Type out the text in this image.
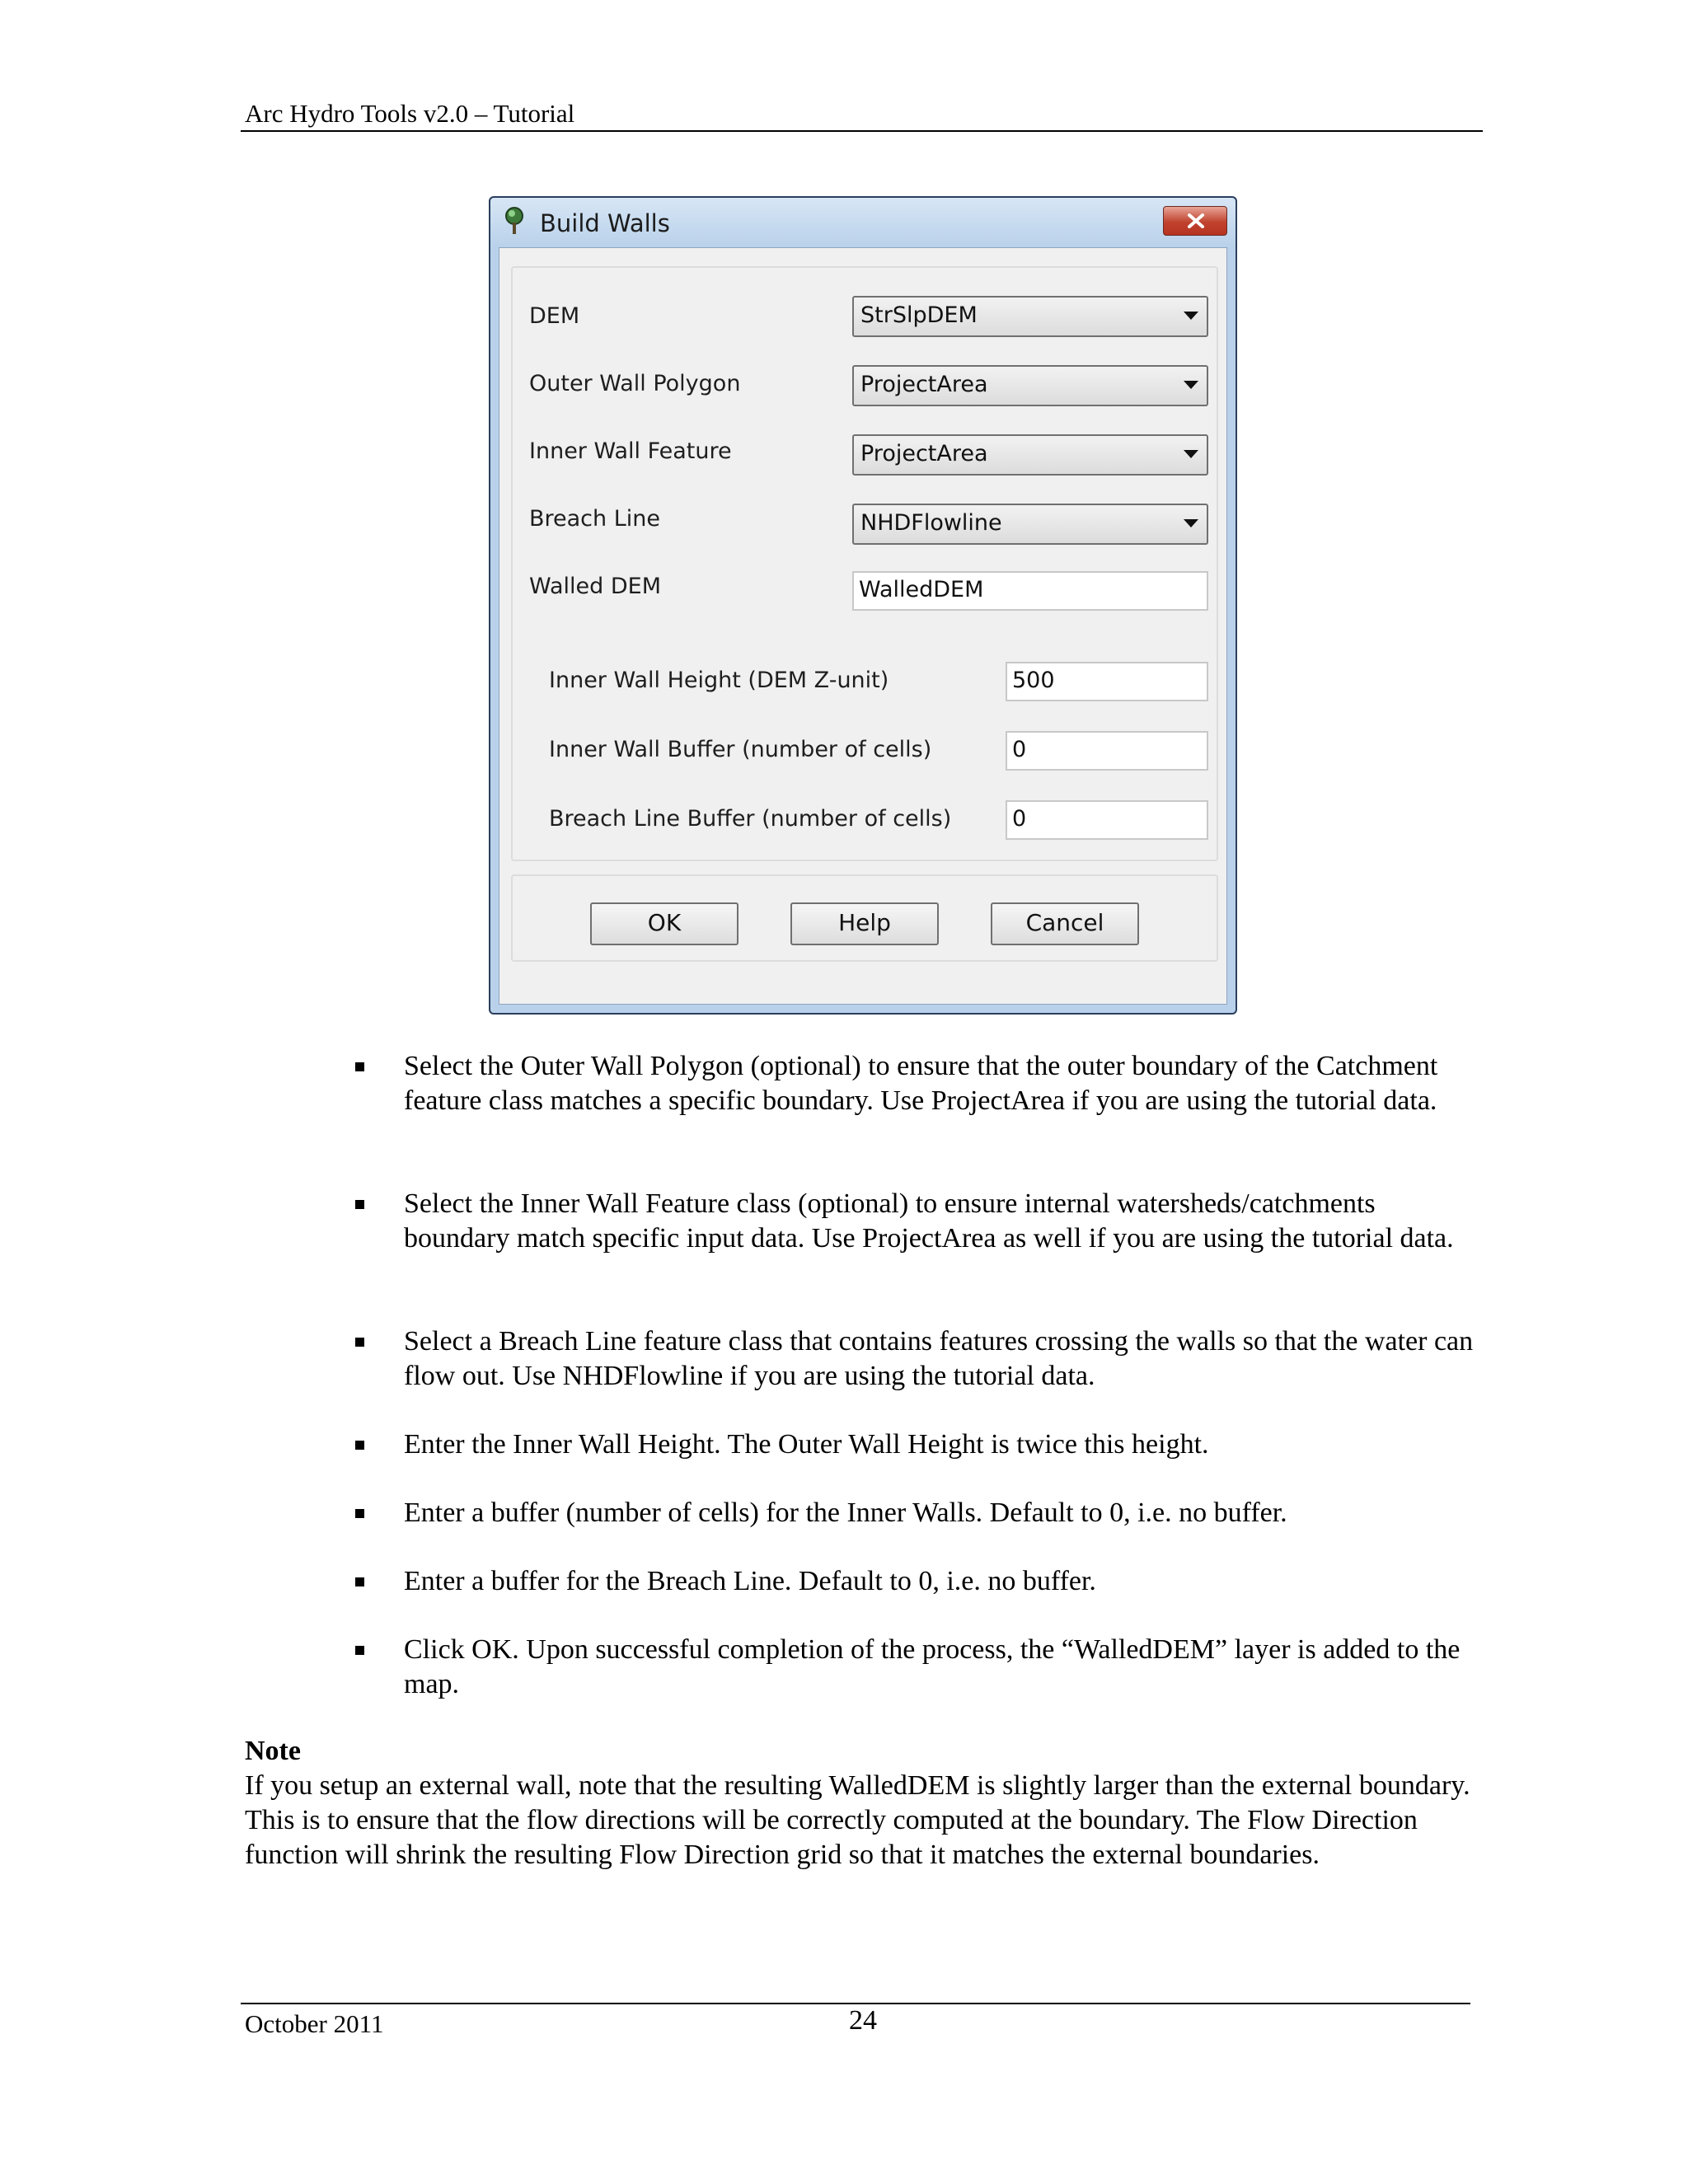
Arc Hydro Tools v2.0 – Tutorial
Build Walls
DEM	StrSlpDEM
Outer Wall Polygon	ProjectArea
Inner Wall Feature	ProjectArea
Breach Line	NHDFlowline
Walled DEM	WalledDEM
Inner Wall Height (DEM Z-unit)	500
Inner Wall Buffer (number of cells)	0
Breach Line Buffer (number of cells)	0
OK	Help	Cancel
Select the Outer Wall Polygon (optional) to ensure that the outer boundary of the Catchment feature class matches a specific boundary. Use ProjectArea if you are using the tutorial data.
Select the Inner Wall Feature class (optional) to ensure internal watersheds/catchments boundary match specific input data. Use ProjectArea as well if you are using the tutorial data.
Select a Breach Line feature class that contains features crossing the walls so that the water can flow out. Use NHDFlowline if you are using the tutorial data.
Enter the Inner Wall Height. The Outer Wall Height is twice this height.
Enter a buffer (number of cells) for the Inner Walls. Default to 0, i.e. no buffer.
Enter a buffer for the Breach Line. Default to 0, i.e. no buffer.
Click OK. Upon successful completion of the process, the “WalledDEM” layer is added to the map.
Note
If you setup an external wall, note that the resulting WalledDEM is slightly larger than the external boundary. This is to ensure that the flow directions will be correctly computed at the boundary. The Flow Direction function will shrink the resulting Flow Direction grid so that it matches the external boundaries.
October 2011	24
